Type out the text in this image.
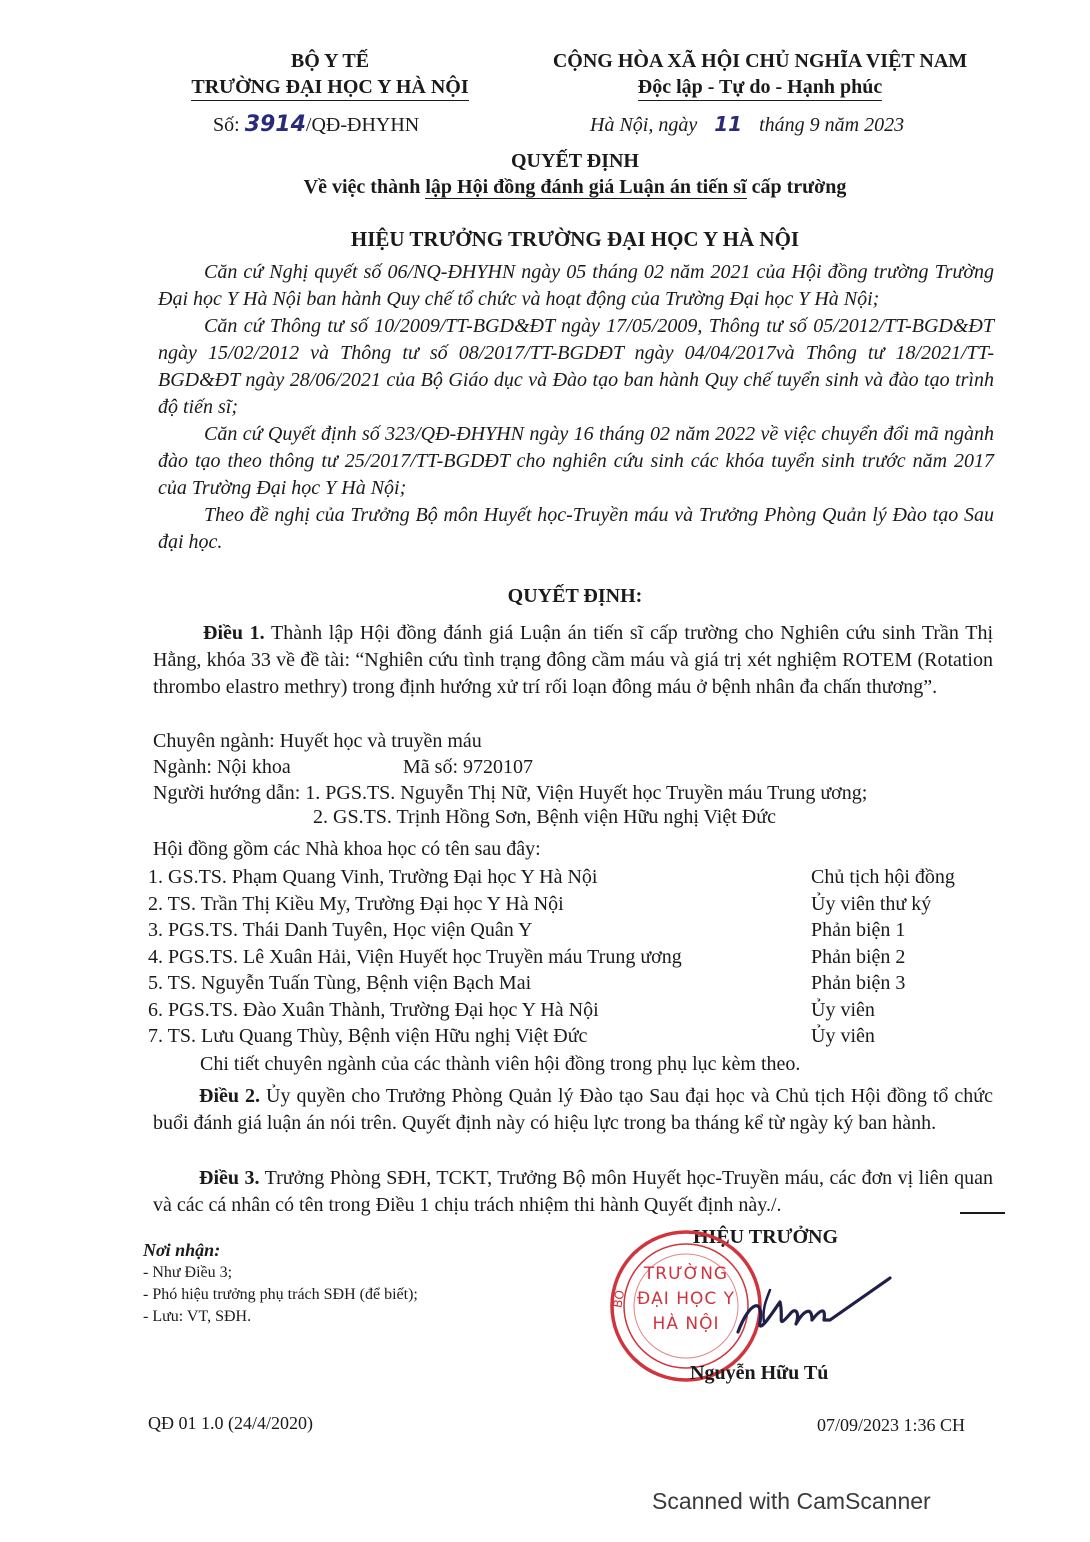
BỘ Y TẾ
TRƯỜNG ĐẠI HỌC Y HÀ NỘI
Số: 3914/QĐ-ĐHYHN
CỘNG HÒA XÃ HỘI CHỦ NGHĨA VIỆT NAM
Độc lập - Tự do - Hạnh phúc
Hà Nội, ngày 11 tháng 9 năm 2023
QUYẾT ĐỊNH
Về việc thành lập Hội đồng đánh giá Luận án tiến sĩ cấp trường
HIỆU TRƯỞNG TRƯỜNG ĐẠI HỌC Y HÀ NỘI
Căn cứ Nghị quyết số 06/NQ-ĐHYHN ngày 05 tháng 02 năm 2021 của Hội đồng trường Trường Đại học Y Hà Nội ban hành Quy chế tổ chức và hoạt động của Trường Đại học Y Hà Nội;
Căn cứ Thông tư số 10/2009/TT-BGD&ĐT ngày 17/05/2009, Thông tư số 05/2012/TT-BGD&ĐT ngày 15/02/2012 và Thông tư số 08/2017/TT-BGDĐT ngày 04/04/2017và Thông tư 18/2021/TT-BGD&ĐT ngày 28/06/2021 của Bộ Giáo dục và Đào tạo ban hành Quy chế tuyển sinh và đào tạo trình độ tiến sĩ;
Căn cứ Quyết định số 323/QĐ-ĐHYHN ngày 16 tháng 02 năm 2022 về việc chuyển đổi mã ngành đào tạo theo thông tư 25/2017/TT-BGDĐT cho nghiên cứu sinh các khóa tuyển sinh trước năm 2017 của Trường Đại học Y Hà Nội;
Theo đề nghị của Trưởng Bộ môn Huyết học-Truyền máu và Trưởng Phòng Quản lý Đào tạo Sau đại học.
QUYẾT ĐỊNH:
Điều 1. Thành lập Hội đồng đánh giá Luận án tiến sĩ cấp trường cho Nghiên cứu sinh Trần Thị Hằng, khóa 33 về đề tài: “Nghiên cứu tình trạng đông cầm máu và giá trị xét nghiệm ROTEM (Rotation thrombo elastro methry) trong định hướng xử trí rối loạn đông máu ở bệnh nhân đa chấn thương”.
Chuyên ngành: Huyết học và truyền máu
Ngành: Nội khoa	Mã số: 9720107
Người hướng dẫn: 1. PGS.TS. Nguyễn Thị Nữ, Viện Huyết học Truyền máu Trung ương;
2. GS.TS. Trịnh Hồng Sơn, Bệnh viện Hữu nghị Việt Đức
Hội đồng gồm các Nhà khoa học có tên sau đây:
1. GS.TS. Phạm Quang Vinh, Trường Đại học Y Hà Nội	Chủ tịch hội đồng
2. TS. Trần Thị Kiều My, Trường Đại học Y Hà Nội	Ủy viên thư ký
3. PGS.TS. Thái Danh Tuyên, Học viện Quân Y	Phản biện 1
4. PGS.TS. Lê Xuân Hải, Viện Huyết học Truyền máu Trung ương	Phản biện 2
5. TS. Nguyễn Tuấn Tùng, Bệnh viện Bạch Mai	Phản biện 3
6. PGS.TS. Đào Xuân Thành, Trường Đại học Y Hà Nội	Ủy viên
7. TS. Lưu Quang Thùy, Bệnh viện Hữu nghị Việt Đức	Ủy viên
Chi tiết chuyên ngành của các thành viên hội đồng trong phụ lục kèm theo.
Điều 2. Ủy quyền cho Trưởng Phòng Quản lý Đào tạo Sau đại học và Chủ tịch Hội đồng tổ chức buổi đánh giá luận án nói trên. Quyết định này có hiệu lực trong ba tháng kể từ ngày ký ban hành.
Điều 3. Trưởng Phòng SĐH, TCKT, Trưởng Bộ môn Huyết học-Truyền máu, các đơn vị liên quan và các cá nhân có tên trong Điều 1 chịu trách nhiệm thi hành Quyết định này./.
Nơi nhận:
- Như Điều 3;
- Phó hiệu trưởng phụ trách SĐH (để biết);
- Lưu: VT, SĐH.
HIỆU TRƯỞNG
TRƯỜNG
ĐẠI HỌC Y
HÀ NỘI
BỘ
Nguyễn Hữu Tú
QĐ 01 1.0 (24/4/2020)	07/09/2023 1:36 CH
Scanned with CamScanner
